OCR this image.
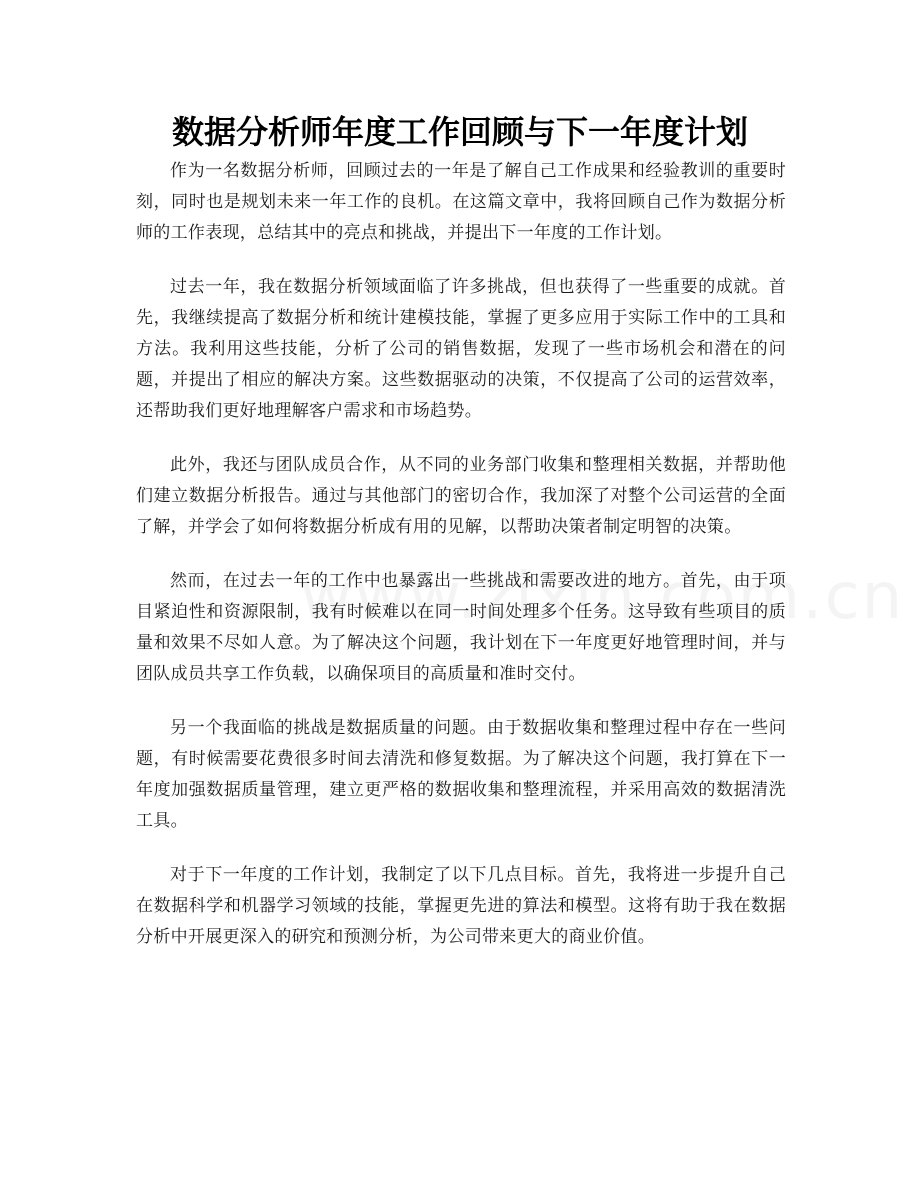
数据分析师年度工作回顾与下一年度计划

作为一名数据分析师，回顾过去的一年是了解自己工作成果和经验教训的重要时刻，同时也是规划未来一年工作的良机。在这篇文章中，我将回顾自己作为数据分析师的工作表现，总结其中的亮点和挑战，并提出下一年度的工作计划。

过去一年，我在数据分析领域面临了许多挑战，但也获得了一些重要的成就。首先，我继续提高了数据分析和统计建模技能，掌握了更多应用于实际工作中的工具和方法。我利用这些技能，分析了公司的销售数据，发现了一些市场机会和潜在的问题，并提出了相应的解决方案。这些数据驱动的决策，不仅提高了公司的运营效率，还帮助我们更好地理解客户需求和市场趋势。

此外，我还与团队成员合作，从不同的业务部门收集和整理相关数据，并帮助他们建立数据分析报告。通过与其他部门的密切合作，我加深了对整个公司运营的全面了解，并学会了如何将数据分析成有用的见解，以帮助决策者制定明智的决策。

然而，在过去一年的工作中也暴露出一些挑战和需要改进的地方。首先，由于项目紧迫性和资源限制，我有时候难以在同一时间处理多个任务。这导致有些项目的质量和效果不尽如人意。为了解决这个问题，我计划在下一年度更好地管理时间，并与团队成员共享工作负载，以确保项目的高质量和准时交付。

另一个我面临的挑战是数据质量的问题。由于数据收集和整理过程中存在一些问题，有时候需要花费很多时间去清洗和修复数据。为了解决这个问题，我打算在下一年度加强数据质量管理，建立更严格的数据收集和整理流程，并采用高效的数据清洗工具。

对于下一年度的工作计划，我制定了以下几点目标。首先，我将进一步提升自己在数据科学和机器学习领域的技能，掌握更先进的算法和模型。这将有助于我在数据分析中开展更深入的研究和预测分析，为公司带来更大的商业价值。
